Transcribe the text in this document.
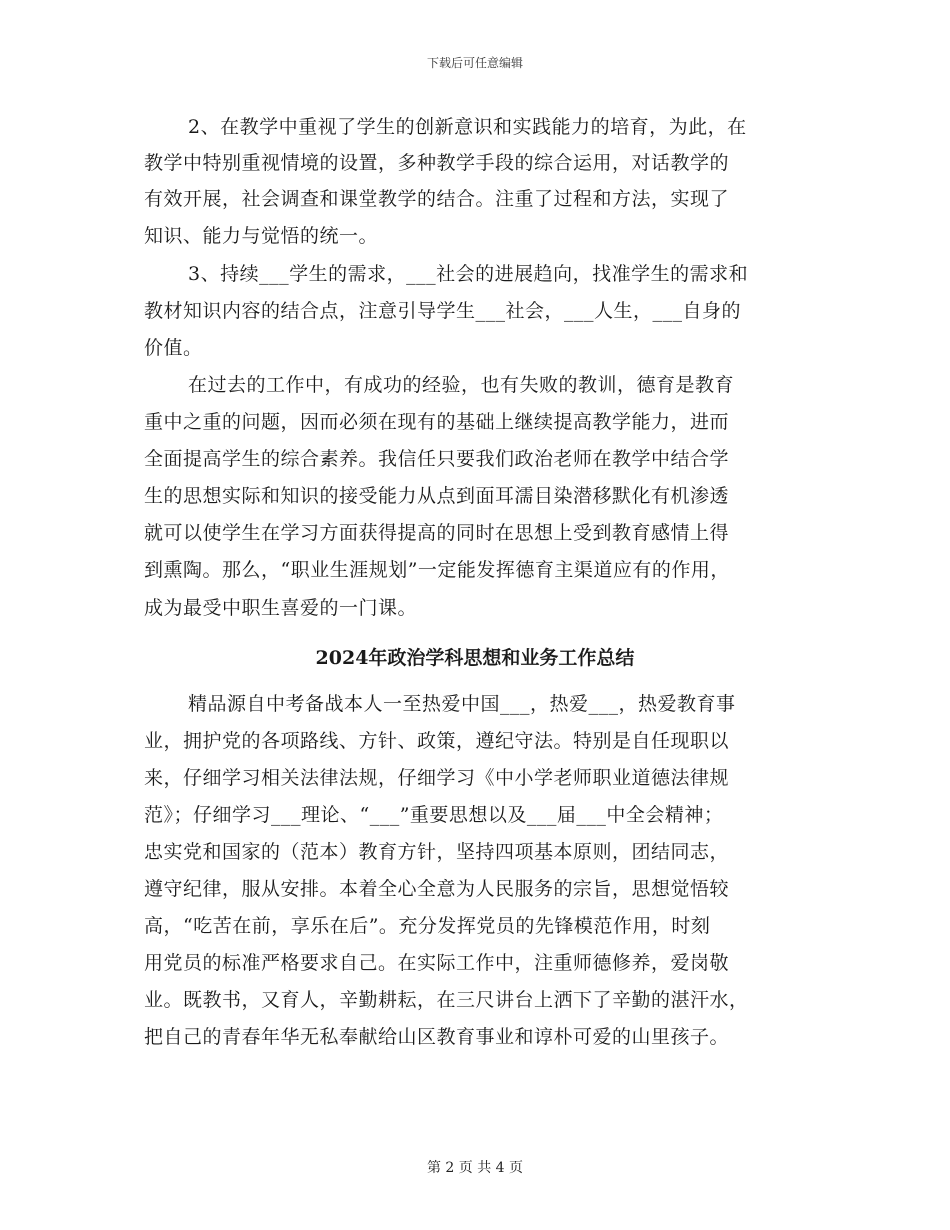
下载后可任意编辑
2、在教学中重视了学生的创新意识和实践能力的培育，为此，在
教学中特别重视情境的设置，多种教学手段的综合运用，对话教学的
有效开展，社会调查和课堂教学的结合。注重了过程和方法，实现了
知识、能力与觉悟的统一。
3、持续___学生的需求，___社会的进展趋向，找准学生的需求和
教材知识内容的结合点，注意引导学生___社会，___人生，___自身的
价值。
在过去的工作中，有成功的经验，也有失败的教训，德育是教育
重中之重的问题，因而必须在现有的基础上继续提高教学能力，进而
全面提高学生的综合素养。我信任只要我们政治老师在教学中结合学
生的思想实际和知识的接受能力从点到面耳濡目染潜移默化有机渗透
就可以使学生在学习方面获得提高的同时在思想上受到教育感情上得
到熏陶。那么，“职业生涯规划”一定能发挥德育主渠道应有的作用，
成为最受中职生喜爱的一门课。
2024年政治学科思想和业务工作总结
精品源自中考备战本人一至热爱中国___，热爱___，热爱教育事
业，拥护党的各项路线、方针、政策，遵纪守法。特别是自任现职以
来，仔细学习相关法律法规，仔细学习《中小学老师职业道德法律规
范》；仔细学习___理论、“___”重要思想以及___届___中全会精神；
忠实党和国家的（范本）教育方针，坚持四项基本原则，团结同志，
遵守纪律，服从安排。本着全心全意为人民服务的宗旨，思想觉悟较
高，“吃苦在前，享乐在后”。充分发挥党员的先锋模范作用，时刻
用党员的标准严格要求自己。在实际工作中，注重师德修养，爱岗敬
业。既教书，又育人，辛勤耕耘，在三尺讲台上洒下了辛勤的湛汗水，
把自己的青春年华无私奉献给山区教育事业和谆朴可爱的山里孩子。
第 2 页 共 4 页
